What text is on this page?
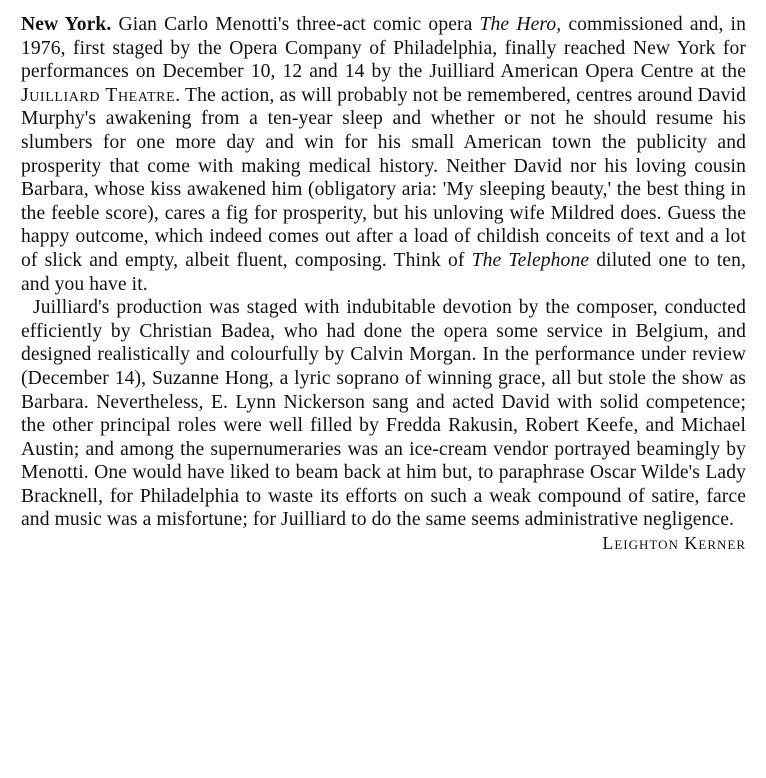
New York. Gian Carlo Menotti's three-act comic opera The Hero, commissioned and, in 1976, first staged by the Opera Company of Philadelphia, finally reached New York for performances on December 10, 12 and 14 by the Juilliard American Opera Centre at the Juilliard Theatre. The action, as will probably not be remembered, centres around David Murphy's awakening from a ten-year sleep and whether or not he should resume his slumbers for one more day and win for his small American town the publicity and prosperity that come with making medical history. Neither David nor his loving cousin Barbara, whose kiss awakened him (obligatory aria: 'My sleeping beauty,' the best thing in the feeble score), cares a fig for prosperity, but his unloving wife Mildred does. Guess the happy outcome, which indeed comes out after a load of childish conceits of text and a lot of slick and empty, albeit fluent, composing. Think of The Telephone diluted one to ten, and you have it.

Juilliard's production was staged with indubitable devotion by the composer, conducted efficiently by Christian Badea, who had done the opera some service in Belgium, and designed realistically and colourfully by Calvin Morgan. In the performance under review (December 14), Suzanne Hong, a lyric soprano of winning grace, all but stole the show as Barbara. Nevertheless, E. Lynn Nickerson sang and acted David with solid competence; the other principal roles were well filled by Fredda Rakusin, Robert Keefe, and Michael Austin; and among the supernumeraries was an ice-cream vendor portrayed beamingly by Menotti. One would have liked to beam back at him but, to paraphrase Oscar Wilde's Lady Bracknell, for Philadelphia to waste its efforts on such a weak compound of satire, farce and music was a misfortune; for Juilliard to do the same seems administrative negligence.
Leighton Kerner
